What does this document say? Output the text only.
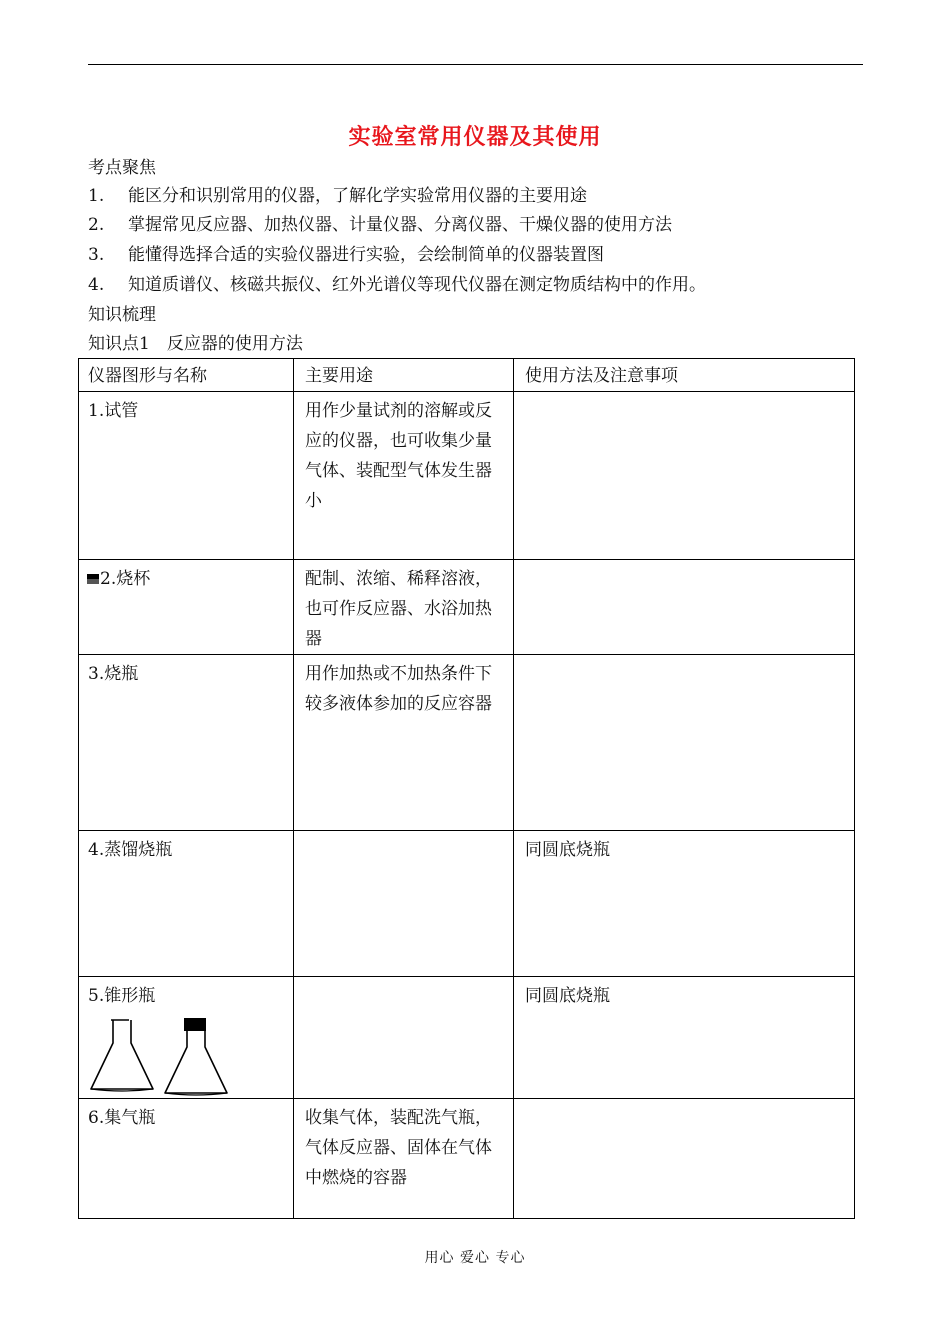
实验室常用仪器及其使用
考点聚焦
1. 能区分和识别常用的仪器，了解化学实验常用仪器的主要用途
2. 掌握常见反应器、加热仪器、计量仪器、分离仪器、干燥仪器的使用方法
3. 能懂得选择合适的实验仪器进行实验，会绘制简单的仪器装置图
4. 知道质谱仪、核磁共振仪、红外光谱仪等现代仪器在测定物质结构中的作用。
知识梳理
知识点1　反应器的使用方法
仪器图形与名称	主要用途	使用方法及注意事项

1.试管	用作少量试剂的溶解或反应的仪器，也可收集少量气体、装配型气体发生器小	

2.烧杯	配制、浓缩、稀释溶液，也可作反应器、水浴加热器	

3.烧瓶	用作加热或不加热条件下较多液体参加的反应容器	

4.蒸馏烧瓶		同圆底烧瓶

5.锥形瓶		同圆底烧瓶

6.集气瓶	收集气体，装配洗气瓶，气体反应器、固体在气体中燃烧的容器	

用心 爱心 专心
